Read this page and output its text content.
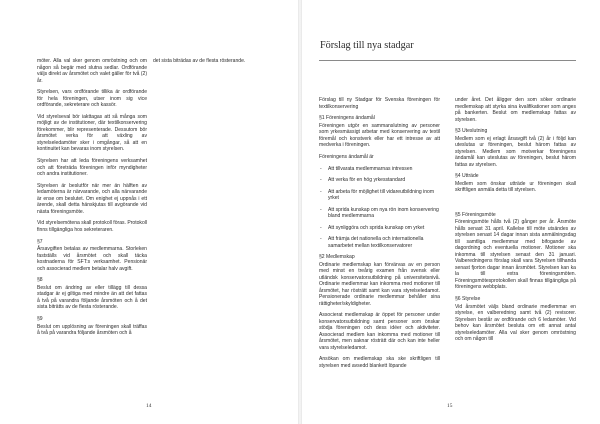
möter. Alla val sker genom omröstning och om någon så begär med slutna sedlar. Ordförande väljs direkt av årsmötet och valet gäller för två (2) år.

Styrelsen, vars ordförande tillika är ordförande för hela föreningen, utser inom sig vice ordförande, sekreterare och kassör.

Vid styrelseval bör iakttagas att så många som möjligt av de institutioner, där textilkonservering förekommer, blir representerade. Dessutom bör årsmötet verka för att växling av styrelseledamöter sker i omgångar, så att en kontinuitet kan bevaras inom styrelsen.

Styrelsen har att leda föreningens verksamhet och att företräda föreningen inför myndigheter och andra institutioner.

Styrelsen är beslutför när mer än hälften av ledamöterna är närvarande, och alla närvarande är ense om beslutet. Om enighet ej uppnås i ett ärende, skall detta hänskjutas till avgörande vid nästa föreningsmöte.

Vid styrelsemötena skall protokoll föras. Protokoll finns tillgängliga hos sekreteraren.

§7

Årsavgiften betalas av medlemmarna. Storleken fastställs vid årsmötet och skall täcka kostnaderna för SFT:s verksamhet. Pensionär och associerad medlem betalar halv avgift.

§8

Beslut om ändring av eller tillägg till dessa stadgar är ej giltiga med mindre än att det fattas å två på varandra följande årsmöten och å det sista biträtts av de flesta rösterande.

§9

Beslut om upplösning av föreningen skall träffas å två på varandra följande årsmöten och å

det sista biträdas av de flesta rösterande.

14
Förslag till nya stadgar

Förslag till ny Stadgar för Svenska föreningen för textilkonservering

§1 Föreningens ändamål

Föreningen utgör en sammanslutning av personer som yrkesmässigt arbetar med konservering av textil föremål och konstverk eller har ett intresse av att medverka i föreningen.

Föreningens ändamål är

- Att tillvarata medlemmarnas intressen
- Att verka för en hög yrkesstandard
- Att arbeta för möjlighet till vidareutbildning inom yrket
- Att sprida kunskap om nya rön inom konservering bland medlemmarna
- Att synliggöra och sprida kunskap om yrket
- Att främja det nationella och internationella samarbetet mellan textilkonservatorer
§2 Medlemskap

Ordinarie medlemskap kan förvärvas av en person med minst en treårig examen från svensk eller utländsk konservatorsutbildning på universitetsnivå. Ordinarie medlemmar kan inkomma med motioner till årsmötet, har rösträtt samt kan vara styrelseledamot. Pensionerade ordinarie medlemmar behåller sina rättigheter/skyldigheter.

Associerat medlemskap är öppet för personer under konservatorsutbildning samt personer som önskar stödja föreningen och dess idéer och aktiviteter. Associerad medlem kan inkomma med motioner till årsmötet, men saknar rösträtt där och kan inte heller vara styrelseledamot.

Ansökan om medlemskap ska ske skriftligen till styrelsen med avsedd blankett löpande

under året. Det åligger den som söker ordinarie medlemskap att styrka sina kvalifikationer som anges på bankerten. Beslut om medlemskap fattas av styrelsen.

§3 Uteslutning

Medlem som ej erlagt årsavgift två (2) år i följd kan uteslutas ur föreningen, beslut härom fattas av styrelsen. Medlem som motverkar föreningens ändamål kan uteslutas av föreningen, beslut härom fattas av styrelsen.

§4 Utträde

Medlem som önskar utträde ur föreningen skall skriftligen anmäla detta till styrelsen.

§5 Föreningsmöte

Föreningsmöte hålls två (2) gånger per år. Årsmöte hålls senast 31 april. Kallelse till möte utsändes av styrelsen senast 14 dagar innan sista anmälningsdag till samtliga medlemmar med bifogande av dagordning och eventuella motioner. Motioner ska inkomma till styrelsen senast den 31 januari. Valberedningens förslag skall vara Styrelsen tillhanda senast fjorton dagar innan årsmötet. Styrelsen kan ka la till extra föreningsmöten. Föreningsmötesprotokollen skall finnas tillgängliga på föreningens webbplats.

§6 Styrelse

Vid årsmötet väljs bland ordinarie medlemmar en styrelse, en valberedning samt två (2) revisorer. Styrelsen består av ordförande och 6 ledamöter. Vid behov kan årsmötet besluta om ett annat antal styrelseledamöter. Alla val sker genom omröstning och om någon till

15
